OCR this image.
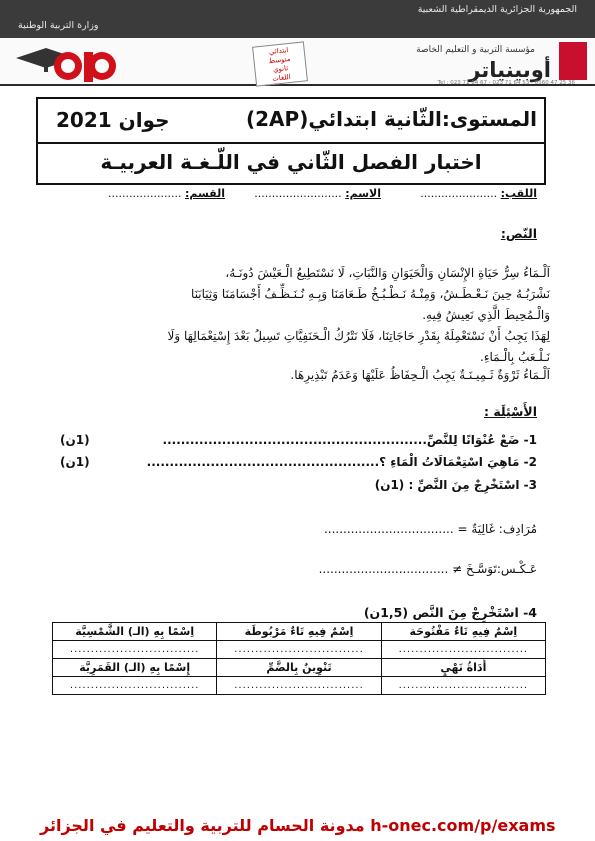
الجمهورية الجزائرية الديمقراطية الشعبية
وزارة التربية الوطنية
ابتدائي
متوسط
ثانوي
اللغات
مؤسسة التربية و التعليم الخاصة
أوبينياتر
Tel : 023 71 64 67 - 023 71 64 53 - 0560 47 25 36
المستوى:الثّانية ابتدائي(2AP)
جوان 2021
اختبار الفصل الثّاني في اللّـغـة العربيـة
اللقب: ......................
الاسم: .........................
القسم: .....................
النّص:
اَلْـمَاءُ سِرُّ حَيَاةِ الإِنْسَانِ وَالْحَيَوَانِ وَالنَّبَاتِ، لَا نَسْتَطِيعُ الْـعَيْشَ دُونَـهُ،
نَشْرَبُـهُ حِينَ نَـعْـطَـشُ، وَمِنْـهُ نَـطْـبُـخُ طَـعَامَنَا وَبِـهِ نُـنَـظِّـفُ أَجْسَامَنَا وَثِيَابَنَا
وَالْـمُحِيطَ الَّذِي نَعِيشُ فِيهِ.
لِهَذَا يَجِبُ أَنْ نَسْتَعْمِلَهُ بِقَدْرِ حَاجَاتِنَا، فَلَا نَتْرُكُ الْـحَنَفِيَّاتِ تَسِيلُ بَعْدَ إِسْتِعْمَالِهَا وَلَا
نَـلْـعَبُ بِالْـمَاءِ.
اَلْـمَاءُ ثَرْوَةٌ ثَـمِيـنَـةٌ يَجِبُ الْـحِفَاظُ عَلَيْهَا وَعَدَمُ تَبْذِيرِهَا.
الأَسْئِلَة :
1- ضَعْ عُنْوَانًا لِلنَّصِّ..........................................................
(1ن)
2- مَاهِيَ اسْتِعْمَالَاتُ الْمَاءِ ؟...................................................
(1ن)
3- اسْتَخْرِجْ مِنَ النَّصِّ : (1ن)
مُرَادِف: غَالِيَةٌ = ..................................
عَـكْـس:تَوَسَّـخَ ≠ ..................................
4- اسْتَخْرِجْ مِنَ النَّص (1,5ن)
اِسْمٌ فِيهِ تَاءٌ مَفْتُوحَة	اِسْمٌ فِيهِ تَاءٌ مَرْبُوطَة	اِسْمًا بِهِ (الـ) الشَّمْسِيَّة
...............................	...............................	...............................
أَدَاةُ نَهْيٍ	تَنْوِينٌ بِالضَّمِّ	إِسْمًا بِهِ (الـ) القَمَرِيَّة
...............................	...............................	...............................
مدونة الحسام للتربية والتعليم في الجزائر h-onec.com/p/exams
